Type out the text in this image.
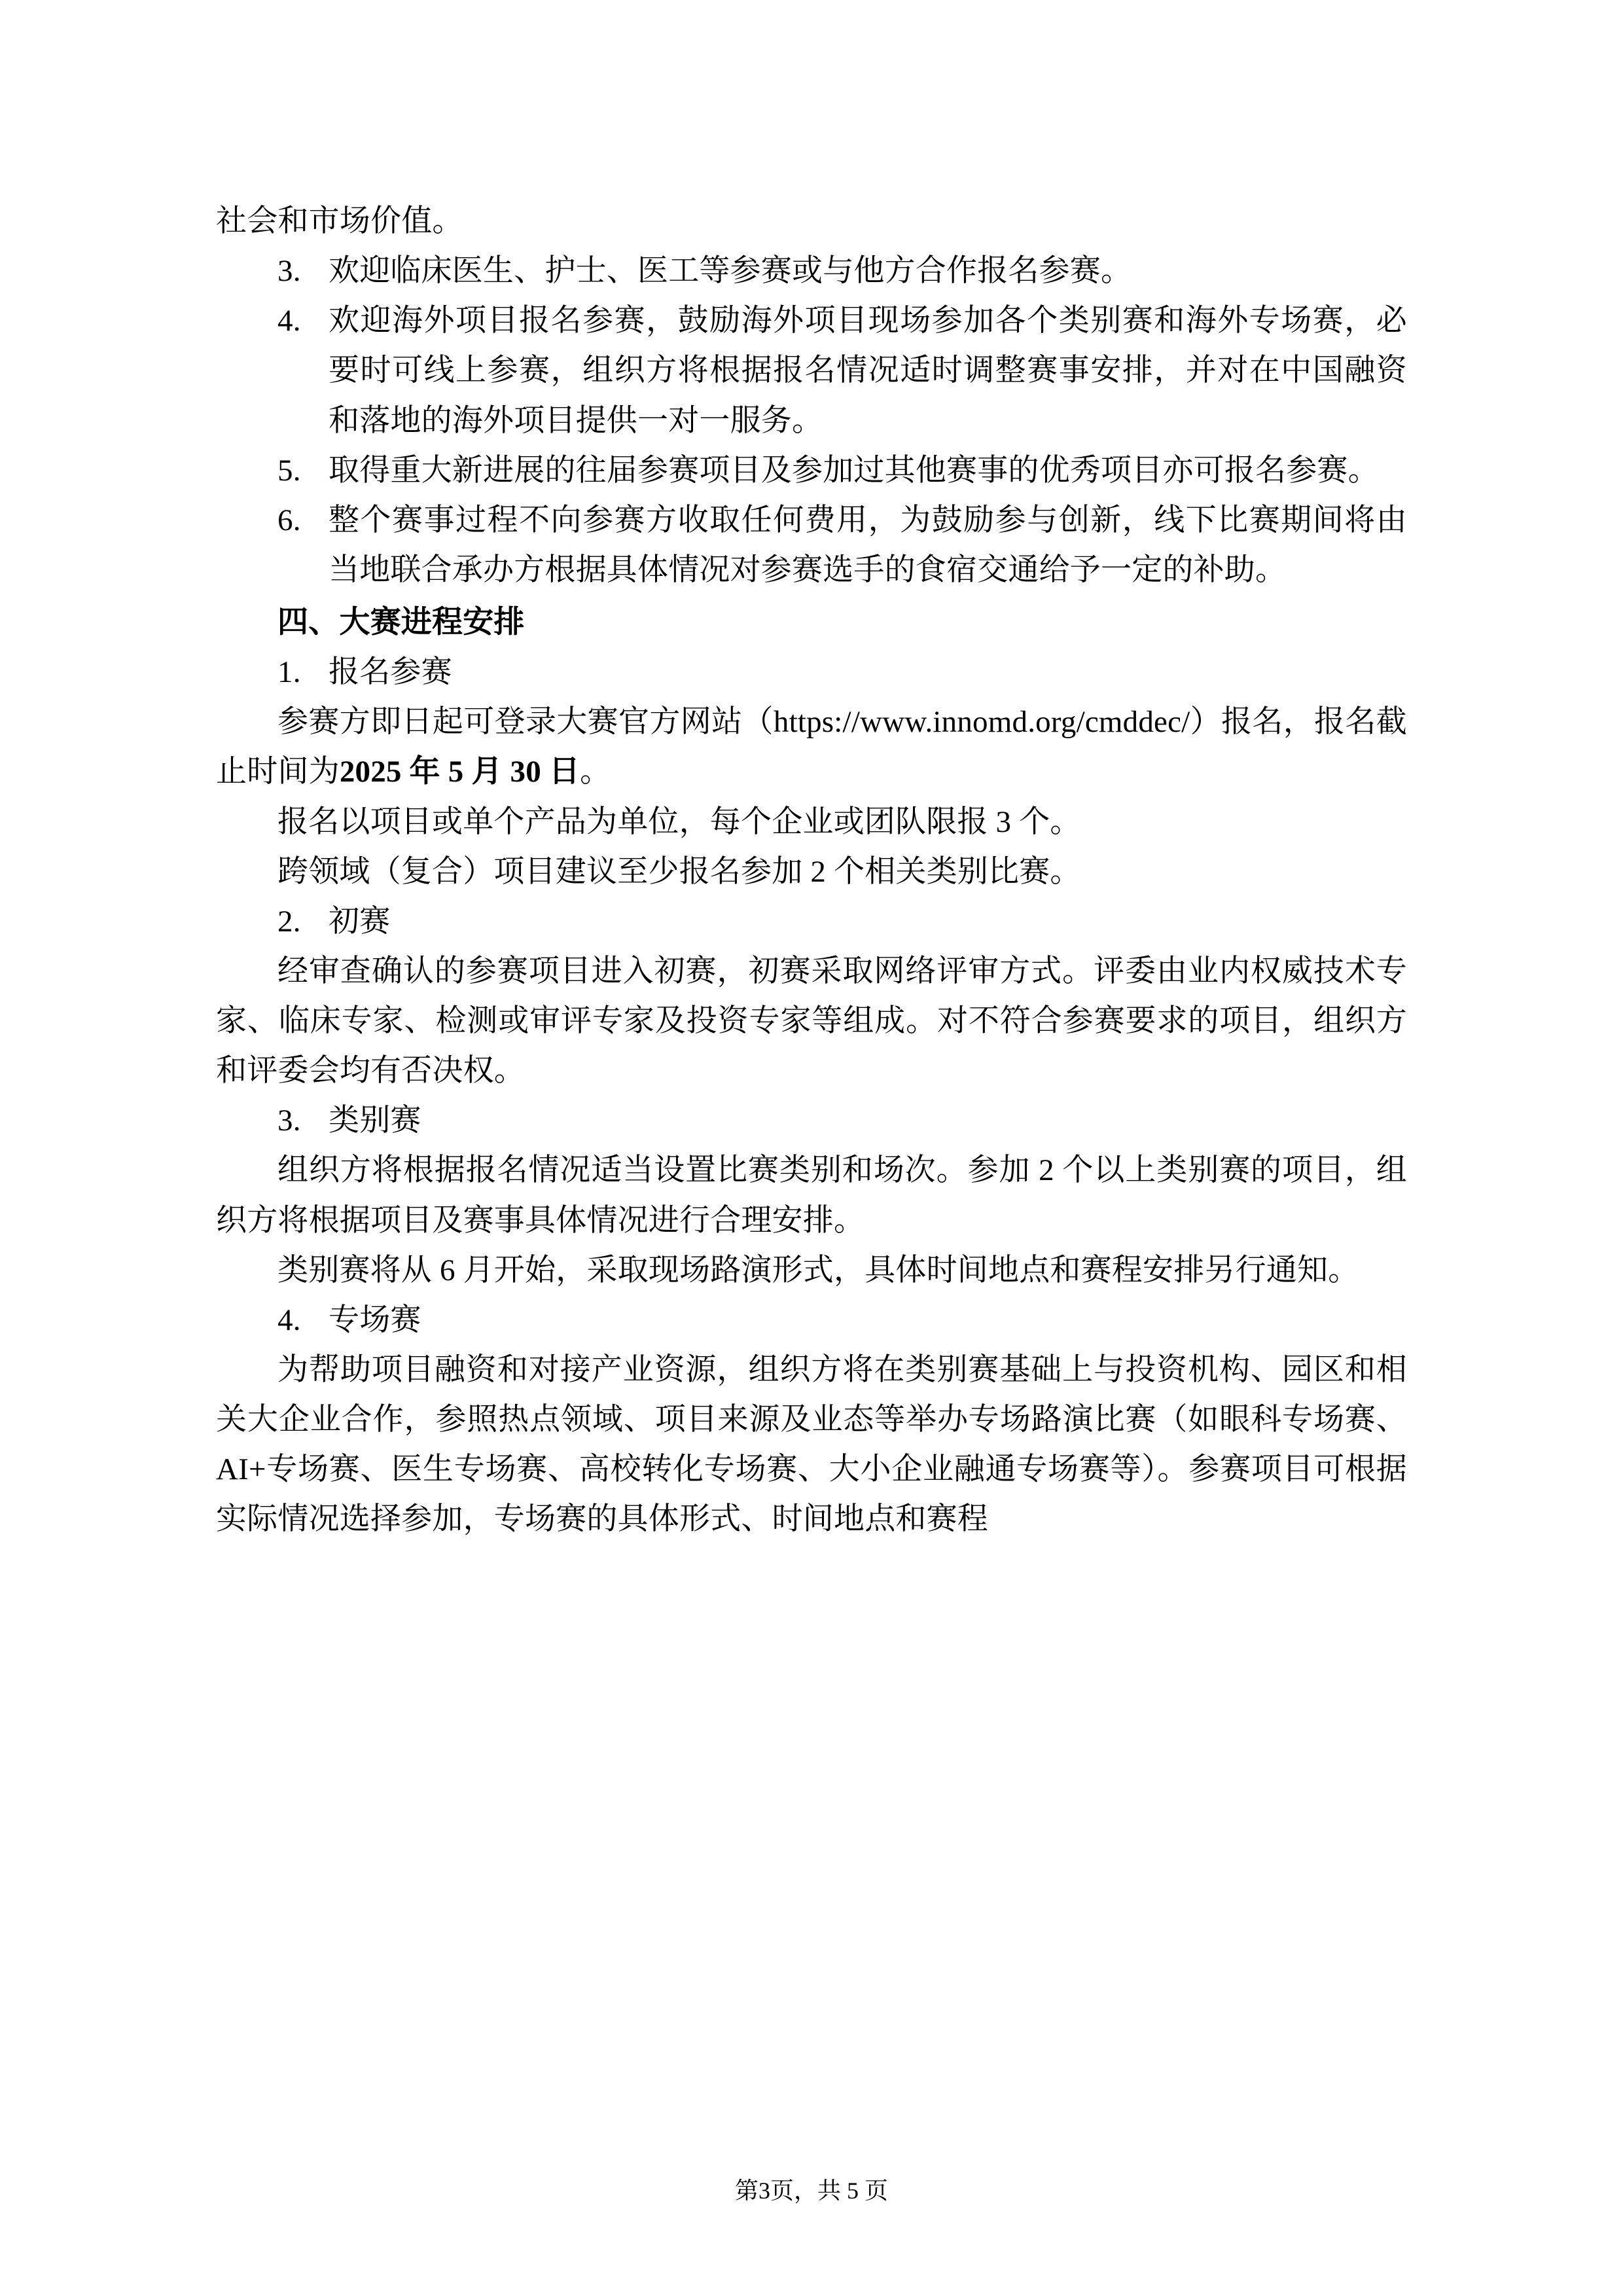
社会和市场价值。

3. 欢迎临床医生、护士、医工等参赛或与他方合作报名参赛。

4. 欢迎海外项目报名参赛，鼓励海外项目现场参加各个类别赛和海外专场赛，必要时可线上参赛，组织方将根据报名情况适时调整赛事安排，并对在中国融资和落地的海外项目提供一对一服务。

5. 取得重大新进展的往届参赛项目及参加过其他赛事的优秀项目亦可报名参赛。

6. 整个赛事过程不向参赛方收取任何费用，为鼓励参与创新，线下比赛期间将由当地联合承办方根据具体情况对参赛选手的食宿交通给予一定的补助。

四、大赛进程安排

1. 报名参赛

参赛方即日起可登录大赛官方网站（https://www.innomd.org/cmddec/）报名，报名截止时间为2025 年 5 月 30 日。

报名以项目或单个产品为单位，每个企业或团队限报 3 个。

跨领域（复合）项目建议至少报名参加 2 个相关类别比赛。

2. 初赛

经审查确认的参赛项目进入初赛，初赛采取网络评审方式。评委由业内权威技术专家、临床专家、检测或审评专家及投资专家等组成。对不符合参赛要求的项目，组织方和评委会均有否决权。

3. 类别赛

组织方将根据报名情况适当设置比赛类别和场次。参加 2 个以上类别赛的项目，组织方将根据项目及赛事具体情况进行合理安排。

类别赛将从 6 月开始，采取现场路演形式，具体时间地点和赛程安排另行通知。

4. 专场赛

为帮助项目融资和对接产业资源，组织方将在类别赛基础上与投资机构、园区和相关大企业合作，参照热点领域、项目来源及业态等举办专场路演比赛（如眼科专场赛、AI+专场赛、医生专场赛、高校转化专场赛、大小企业融通专场赛等）。参赛项目可根据实际情况选择参加，专场赛的具体形式、时间地点和赛程

第3页，共 5 页
